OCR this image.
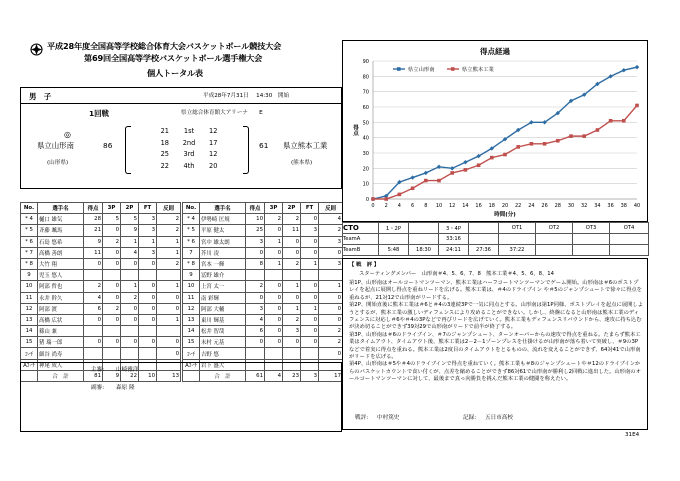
平成28年度全国高等学校総合体育大会バスケットボール競技大会
第69回全国高等学校バスケットボール選手権大会
個人トータル表
男　子	平成28年7月31日　 14:30　開始
1回戦	県立総合体育館大アリーナ　　E
◎
県立山形南
(山形県)
86
21	1st	12
18	2nd	17
25	3rd	12
22	4th	20
61 県立熊本工業
(熊本県)
No.	選手名	得点	3P	2P	FT	反則
* 4	樋口 雄気	28	5	5	3	2
* 5	斉藤 颯馬	21	0	9	3	2
* 6	石島 悠希	9	2	1	1	1
* 7	高橋 善朗	11	0	4	3	1
* 8	大竹 翔	0	0	0	0	2
9	児玉 悠人					
10	阿部 哲也	2	0	1	0	1
11	永井 幹久	4	0	2	0	0
12	阿部 渡	6	2	0	0	0
13	高橋 広状	0	0	0	0	1
14	篠山 兼					
15	猪 瑞一郎	0	0	0	0	0
ｺｰﾁ	細谷 尚寿					0
Aｺｰﾁ	神尾 成人					
	合　計	81	9	22	10	13
No.	選手名	得点	3P	2P	FT	反則
* 4	伊勢崎 匡規	10	2	2	0	4
* 5	平原 健太	25	0	11	3	2
* 6	宮中 雄太朗	3	1	0	0	3
7	芥川 凌	0	0	0	0	0
* 8	宮本 一輝	8	1	2	1	3
9	冨野 雄介					
10	上宮 太一	2	0	1	0	1
11	南 彩輝	0	0	0	0	0
12	阿部 大輔	3	0	1	1	0
13	東川 輝基	4	0	2	0	0
14	松井 智哉	6	0	3	0	2
15	末村 元基	0	0	0	0	2
ｺｰﾁ	吉野 悠					0
Aｺｰﾁ	岩下 盛大					
	合　計	61	4	23	3	17
主審: 山崎雅洋
副審: 森原 隆
得点経過
0
10
20
30
40
50
60
70
80
90
0 2 4 6 8 10 12 14 16 18 20 22 24 26 28 30 32 34 36 38 40
時間(分)
得点
県立山形南	県立熊本工業
CTO	1・2P		3・4P		OT1	OT2	OT3	OT4
TeamA			33:16					
TeamB	5:48	18:30	24:11	27:36	37:22			
【 戦　評 】
スターティングメンバー　山形南＃4、5、6、7、8　熊本工業＃4、5、6、8、14

第1P、山形南はオールコートマンツーマン、熊本工業はハーフコートマンツーマンでゲーム開始。山形南は＃6のポストプレイを起点に展開し得点を重ねリードを広げる。熊本工業は、＃4のドライブイン や＃5のジャンプシュートで徐々に得点を重ねるが、21対12で山形南がリードする。

第2P、開始直後に熊本工業は＃6と＃4の3連続3Pで一気に同点とする。山形南は第1P同様、ポストプレイを起点に展開しようとするが、熊本工業の激しいディフェンスにより攻めることができない。しかし、終盤になると山形南は熊本工業のディフェンスに対応し＃6や＃4の3Pなどで再びリードを広げていく。熊本工業もディフェンスリバウンドから、速攻に持ち込むが決め切ることができず39対29で山形南がリードで前半が終了する。

第3P、山形南は＃6のドライブイン、＃7のジャンプシュート、ターンオーバーからの速攻で得点を重ねる。たまらず熊本工業はタイムアウト、タイムアウト後、熊本工業は2－2－1ゾーンプレスを仕掛けるが山形南が落ち着いて突破し、＃9の3Pなどで着実に得点を重ねる。熊本工業は2度目のタイムアウトをとるものの、流れを変えることができず、64対41で山形南がリードを広げる。

第4P、山形南は＃5や＃4のドライブインで得点を重ねていく。熊本工業も＃8のジャンプシュートや＃12のドライブインからのバスケットカウントで食い付くが、点差を縮めることができず86対61で山形南が勝利し2回戦に進出した。山形南のオールコートマンツーマンに対して、最後まで真っ向勝負を挑んだ熊本工業の健闘を称えたい。

戦評: 中村篤史	記録: 五日市高校
31E4
